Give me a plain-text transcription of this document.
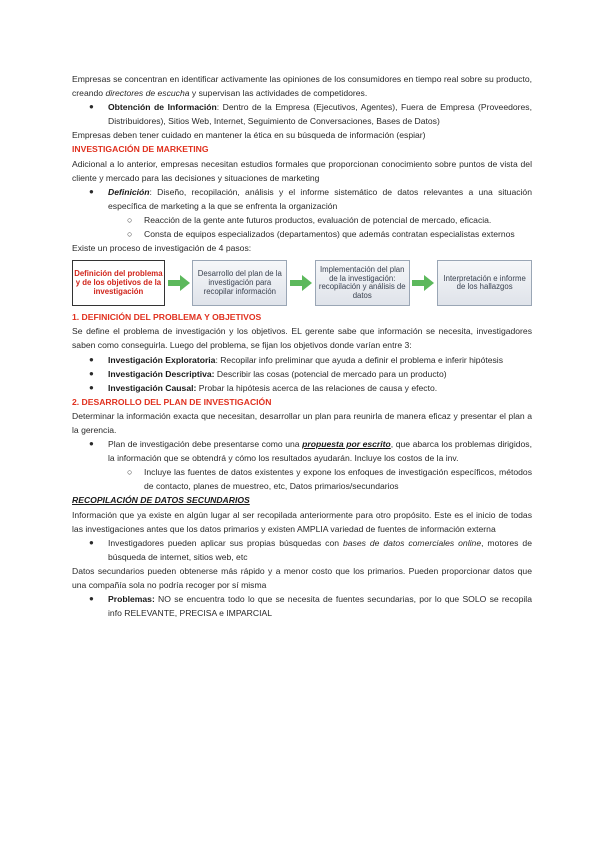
Empresas se concentran en identificar activamente las opiniones de los consumidores en tiempo real sobre su producto, creando directores de escucha y supervisan las actividades de competidores.

● Obtención de Información: Dentro de la Empresa (Ejecutivos, Agentes), Fuera de Empresa (Proveedores, Distribuidores), Sitios Web, Internet, Seguimiento de Conversaciones, Bases de Datos)

Empresas deben tener cuidado en mantener la ética en su búsqueda de información (espiar)

INVESTIGACIÓN DE MARKETING

Adicional a lo anterior, empresas necesitan estudios formales que proporcionan conocimiento sobre puntos de vista del cliente y mercado para las decisiones y situaciones de marketing

● Definición: Diseño, recopilación, análisis y el informe sistemático de datos relevantes a una situación específica de marketing a la que se enfrenta la organización
○ Reacción de la gente ante futuros productos, evaluación de potencial de mercado, eficacia.
○ Consta de equipos especializados (departamentos) que además contratan especialistas externos

Existe un proceso de investigación de 4 pasos:

Definición del problema y de los objetivos de la investigación
Desarrollo del plan de la investigación para recopilar información
Implementación del plan de la investigación: recopilación y análisis de datos
Interpretación e informe de los hallazgos

1. DEFINICIÓN DEL PROBLEMA Y OBJETIVOS

Se define el problema de investigación y los objetivos. EL gerente sabe que información se necesita, investigadores saben como conseguirla. Luego del problema, se fijan los objetivos donde varían entre 3:

● Investigación Exploratoria: Recopilar info preliminar que ayuda a definir el problema e inferir hipótesis
● Investigación Descriptiva: Describir las cosas (potencial de mercado para un producto)
● Investigación Causal: Probar la hipótesis acerca de las relaciones de causa y efecto.

2. DESARROLLO DEL PLAN DE INVESTIGACIÓN

Determinar la información exacta que necesitan, desarrollar un plan para reunirla de manera eficaz y presentar el plan a la gerencia.

● Plan de investigación debe presentarse como una propuesta por escrito, que abarca los problemas dirigidos, la información que se obtendrá y cómo los resultados ayudarán. Incluye los costos de la inv.
○ Incluye las fuentes de datos existentes y expone los enfoques de investigación específicos, métodos de contacto, planes de muestreo, etc, Datos primarios/secundarios

RECOPILACIÓN DE DATOS SECUNDARIOS

Información que ya existe en algún lugar al ser recopilada anteriormente para otro propósito. Este es el inicio de todas las investigaciones antes que los datos primarios y existen AMPLIA variedad de fuentes de información externa

● Investigadores pueden aplicar sus propias búsquedas con bases de datos comerciales online, motores de búsqueda de internet, sitios web, etc

Datos secundarios pueden obtenerse más rápido y a menor costo que los primarios. Pueden proporcionar datos que una compañía sola no podría recoger por sí misma

● Problemas: NO se encuentra todo lo que se necesita de fuentes secundarias, por lo que SOLO se recopila info RELEVANTE, PRECISA e IMPARCIAL
